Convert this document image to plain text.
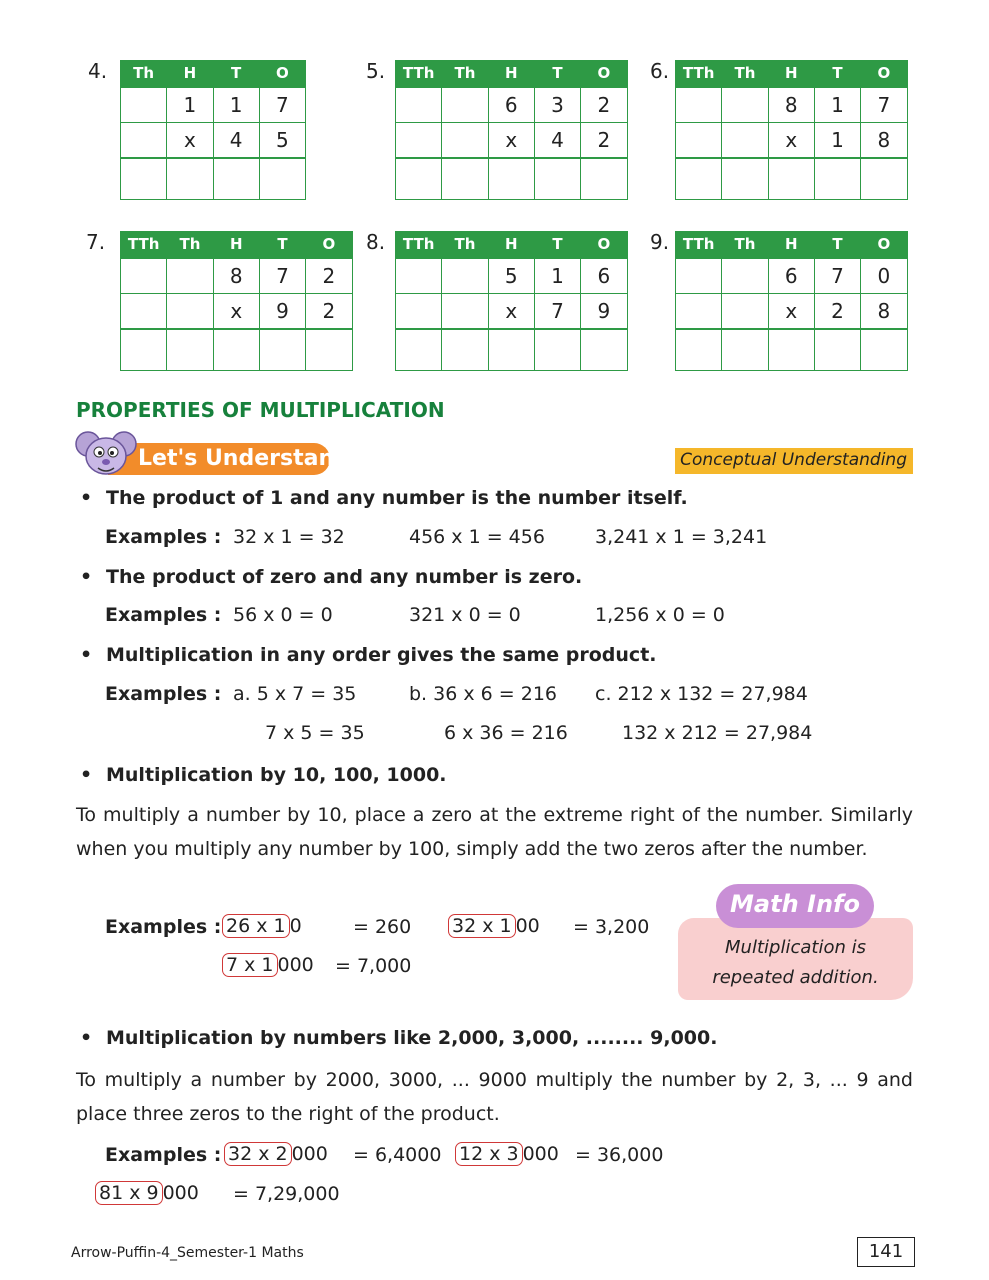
4. Th	H	T	O
	1	1	7
	x	4	5

5. TTh	Th	H	T	O
		6	3	2
		x	4	2

6. TTh	Th	H	T	O
		8	1	7
		x	1	8

7. TTh	Th	H	T	O
		8	7	2
		x	9	2

8. TTh	Th	H	T	O
		5	1	6
		x	7	9

9. TTh	Th	H	T	O
		6	7	0
		x	2	8

PROPERTIES OF MULTIPLICATION
Let's Understand	Conceptual Understanding
• The product of 1 and any number is the number itself.
Examples : 32 x 1 = 32	456 x 1 = 456	3,241 x 1 = 3,241
• The product of zero and any number is zero.
Examples : 56 x 0 = 0	321 x 0 = 0	1,256 x 0 = 0
• Multiplication in any order gives the same product.
Examples : a. 5 x 7 = 35
7 x 5 = 35
b. 36 x 6 = 216
6 x 36 = 216
c. 212 x 132 = 27,984
132 x 212 = 27,984
• Multiplication by 10, 100, 1000.
To multiply a number by 10, place a zero at the extreme right of the number. Similarly when you multiply any number by 100, simply add the two zeros after the number.
Examples : 26 x 1 0	= 260 32 x 1 00 = 3,200
7 x 1 000 = 7,000
Math Info
Multiplication is
repeated addition.
• Multiplication by numbers like 2,000, 3,000, ........ 9,000.
To multiply a number by 2000, 3000, ... 9000 multiply the number by 2, 3, ... 9 and place three zeros to the right of the product.
Examples : 32 x 2 000 = 6,4000 12 x 3 000 = 36,000
81 x 9 000 = 7,29,000
Arrow-Puffin-4_Semester-1 Maths	141
